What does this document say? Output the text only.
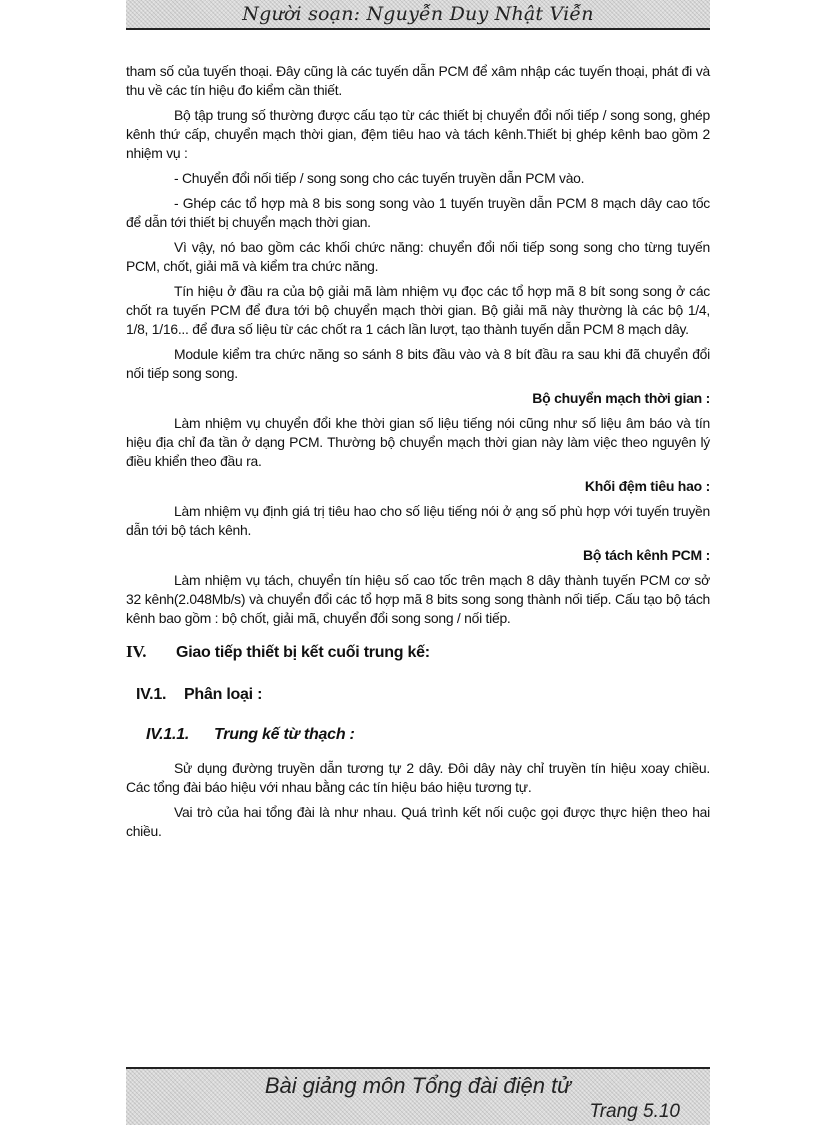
Người soạn: Nguyễn Duy Nhật Viễn

tham số của tuyến thoại. Đây cũng là các tuyến dẫn PCM để xâm nhập các tuyến thoại, phát đi và thu về các tín hiệu đo kiểm cần thiết.

Bộ tập trung số thường được cấu tạo từ các thiết bị chuyển đổi nối tiếp / song song, ghép kênh thứ cấp, chuyển mạch thời gian, đệm tiêu hao và tách kênh.Thiết bị ghép kênh bao gồm 2 nhiệm vụ :

- Chuyển đổi nối tiếp / song song cho các tuyến truyền dẫn PCM vào.

- Ghép các tổ hợp mà 8 bis song song vào 1 tuyến truyền dẫn PCM 8 mạch dây cao tốc để dẫn tới thiết bị chuyển mạch thời gian.

Vì vậy, nó bao gồm các khối chức năng: chuyển đổi nối tiếp song song cho từng tuyến PCM, chốt, giải mã và kiểm tra chức năng.

Tín hiệu ở đầu ra của bộ giải mã làm nhiệm vụ đọc các tổ hợp mã 8 bít song song ở các chốt ra tuyến PCM để đưa tới bộ chuyển mạch thời gian. Bộ giải mã này thường là các bộ 1/4, 1/8, 1/16... để đưa số liệu từ các chốt ra 1 cách lần lượt, tạo thành tuyến dẫn PCM 8 mạch dây.

Module kiểm tra chức năng so sánh 8 bits đầu vào và 8 bít đầu ra sau khi đã chuyển đổi nối tiếp song song.

Bộ chuyển mạch thời gian :

Làm nhiệm vụ chuyển đổi khe thời gian số liệu tiếng nói cũng như số liệu âm báo và tín hiệu địa chỉ đa tần ở dạng PCM. Thường bộ chuyển mạch thời gian này làm việc theo nguyên lý điều khiển theo đầu ra.

Khối đệm tiêu hao :

Làm nhiệm vụ định giá trị tiêu hao cho số liệu tiếng nói ở ạng số phù hợp với tuyến truyền dẫn tới bộ tách kênh.

Bộ tách kênh PCM :

Làm nhiệm vụ tách, chuyển tín hiệu số cao tốc trên mạch 8 dây thành tuyến PCM cơ sở 32 kênh(2.048Mb/s) và chuyển đổi các tổ hợp mã 8 bits song song thành nối tiếp. Cấu tạo bộ tách kênh bao gồm : bộ chốt, giải mã, chuyển đổi song song / nối tiếp.

IV. Giao tiếp thiết bị kết cuối trung kế:
IV.1. Phân loại :
IV.1.1. Trung kế từ thạch :

Sử dụng đường truyền dẫn tương tự 2 dây. Đôi dây này chỉ truyền tín hiệu xoay chiều. Các tổng đài báo hiệu với nhau bằng các tín hiệu báo hiệu tương tự.

Vai trò của hai tổng đài là như nhau. Quá trình kết nối cuộc gọi được thực hiện theo hai chiều.

Bài giảng môn Tổng đài điện tử
Trang 5.10
